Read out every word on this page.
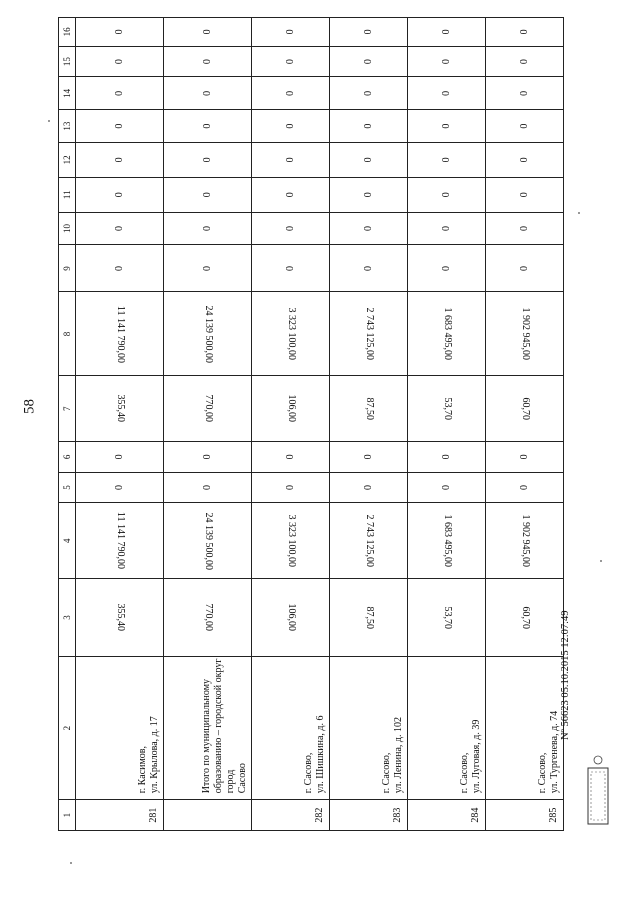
58
1	2	3	4	5	6	7	8	9	10	11	12	13	14	15	16
281	г. Касимов, ул. Крылова, д. 17	355,40	11 141 790,00	0	0	355,40	11 141 790,00	0	0	0	0	0	0	0	0

	Итого по муниципальному образованию – городской округ город Сасово	770,00	24 139 500,00	0	0	770,00	24 139 500,00	0	0	0	0	0	0	0	0
282	г. Сасово, ул. Шишкина, д. 6	106,00	3 323 100,00	0	0	106,00	3 323 100,00	0	0	0	0	0	0	0	0
283	г. Сасово, ул. Ленина, д. 102	87,50	2 743 125,00	0	0	87,50	2 743 125,00	0	0	0	0	0	0	0	0
284	г. Сасово, ул. Луговая, д. 39	53,70	1 683 495,00	0	0	53,70	1 683 495,00	0	0	0	0	0	0	0	0
285	г. Сасово, ул. Тургенева, д. 74	60,70	1 902 945,00	0	0	60,70	1 902 945,00	0	0	0	0	0	0	0	0
Nº 56623 05.10.2015 12:07:49
